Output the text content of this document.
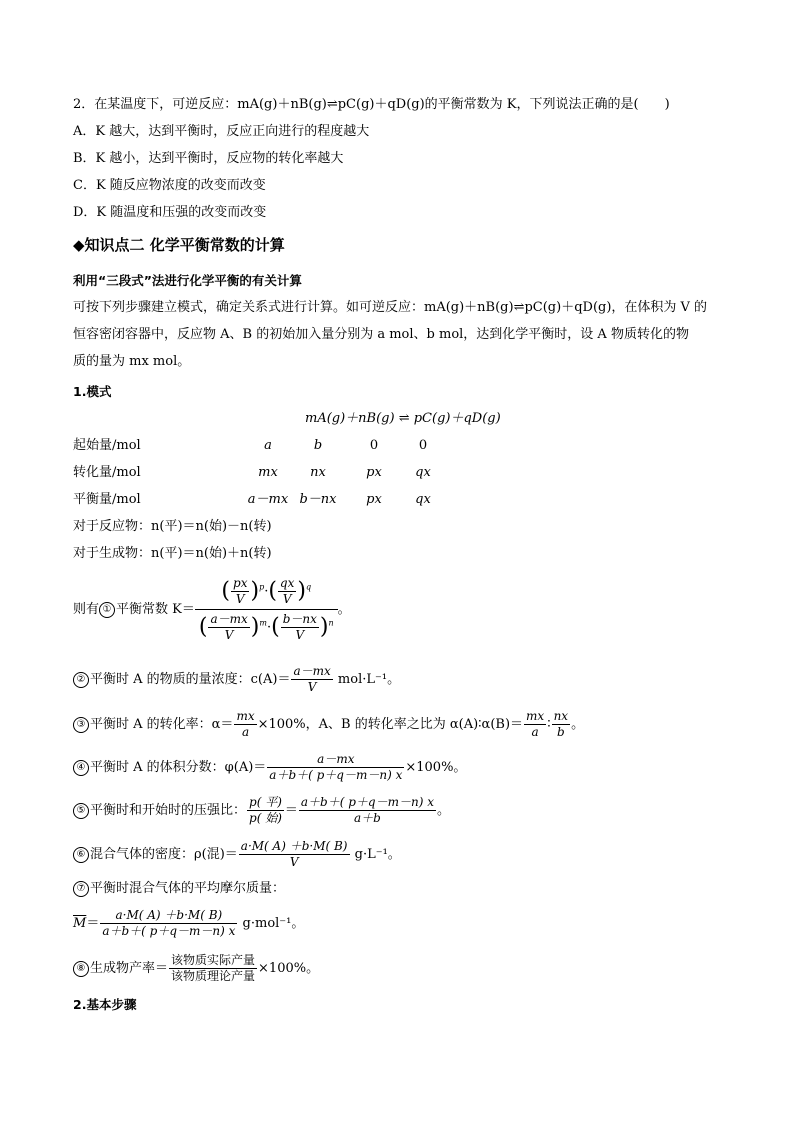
2．在某温度下，可逆反应：mA(g)＋nB(g)⇌pC(g)＋qD(g)的平衡常数为 K，下列说法正确的是(　　)
A．K 越大，达到平衡时，反应正向进行的程度越大
B．K 越小，达到平衡时，反应物的转化率越大
C．K 随反应物浓度的改变而改变
D．K 随温度和压强的改变而改变
◆知识点二 化学平衡常数的计算
利用“三段式”法进行化学平衡的有关计算
可按下列步骤建立模式，确定关系式进行计算。如可逆反应：mA(g)＋nB(g)⇌pC(g)＋qD(g)，在体积为 V 的
恒容密闭容器中，反应物 A、B 的初始加入量分别为 a mol、b mol，达到化学平衡时，设 A 物质转化的物
质的量为 mx mol。
1.模式
mA(g)＋nB(g) ⇌ pC(g)＋qD(g)
起始量/mol	a	b	0	0
转化量/mol	mx	nx	px	qx
平衡量/mol	a－mx b－nx	px	qx
对于反应物：n(平)＝n(始)－n(转)
对于生成物：n(平)＝n(始)＋n(转)
则有 ① 平衡常数 $K= \frac{( \frac{px}{V} )^p\cdot( \frac{qx}{V} )^q}{( \frac{a-mx}{V} )^m\cdot( \frac{b-nx}{V} )^n}$ 。
② 平衡时 A 的物质的量浓度：$c(A)= \frac{a-mx}{V} mol\cdot L^{-1}$。
③ 平衡时 A 的转化率：$\alpha= \frac{mx}{a} \times 100\%$，A、B 的转化率之比为 α(A)∶α(B)＝ $\frac{mx}{a}$ ∶ $\frac{nx}{b}$ 。
④ 平衡时 A 的体积分数：$\varphi(A)= \frac{a-mx}{a+b+( p+q-m-n) x} \times 100\%$。
⑤ 平衡时和开始时的压强比： $\frac{\text{p( 平)}}{\text{p( 始)}} = \frac{a+b+( p+q-m-n) x}{a+b}$ 。
⑥ 混合气体的密度：ρ(混)＝ $\frac{a\cdot M( A) +b\cdot M( B)}{V} g\cdot L^{-1}$。
⑦ 平衡时混合气体的平均摩尔质量：
$\overline{M}= \frac{a\cdot M( A) +b\cdot M( B)}{a+b+( p+q-m-n) x} g\cdot mol^{-1}$。
⑧ 生成物产率＝ $\frac{\text{该物质实际产量}}{\text{该物质理论产量}} \times 100\%$。
2.基本步骤
